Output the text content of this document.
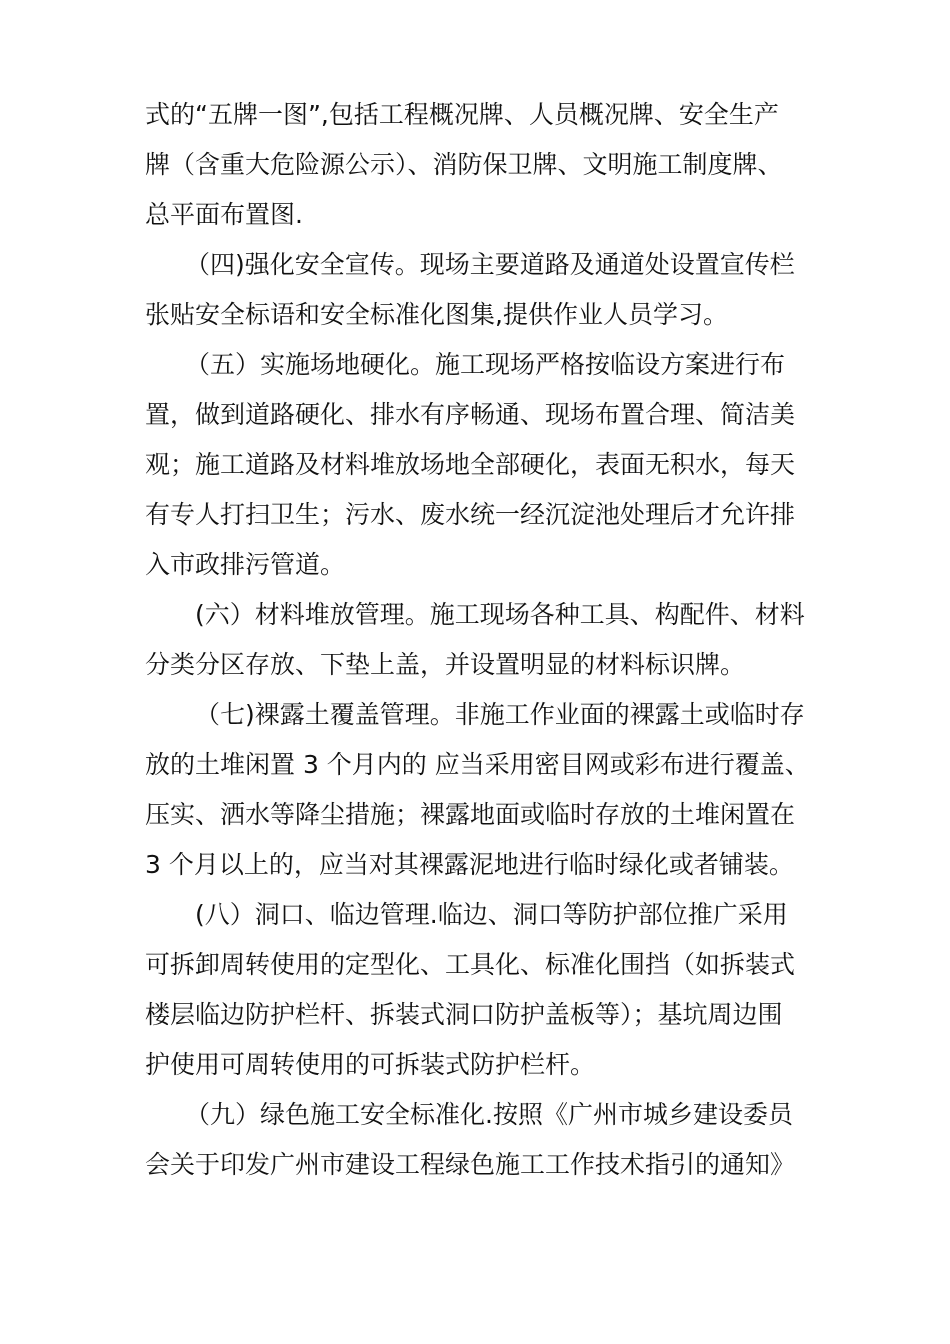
式的“五牌一图”,包括工程概况牌、人员概况牌、安全生产
牌（含重大危险源公示）、消防保卫牌、文明施工制度牌、
总平面布置图.
（四)强化安全宣传。现场主要道路及通道处设置宣传栏
张贴安全标语和安全标准化图集,提供作业人员学习。
（五）实施场地硬化。施工现场严格按临设方案进行布
置，做到道路硬化、排水有序畅通、现场布置合理、简洁美
观；施工道路及材料堆放场地全部硬化，表面无积水，每天
有专人打扫卫生；污水、废水统一经沉淀池处理后才允许排
入市政排污管道。
(六）材料堆放管理。施工现场各种工具、构配件、材料
分类分区存放、下垫上盖，并设置明显的材料标识牌。
（七)裸露土覆盖管理。非施工作业面的裸露土或临时存
放的土堆闲置 3 个月内的 应当采用密目网或彩布进行覆盖、
压实、洒水等降尘措施；裸露地面或临时存放的土堆闲置在
3 个月以上的，应当对其裸露泥地进行临时绿化或者铺装。
(八）洞口、临边管理.临边、洞口等防护部位推广采用
可拆卸周转使用的定型化、工具化、标准化围挡（如拆装式
楼层临边防护栏杆、拆装式洞口防护盖板等）；基坑周边围
护使用可周转使用的可拆装式防护栏杆。
（九）绿色施工安全标准化.按照《广州市城乡建设委员
会关于印发广州市建设工程绿色施工工作技术指引的通知》
